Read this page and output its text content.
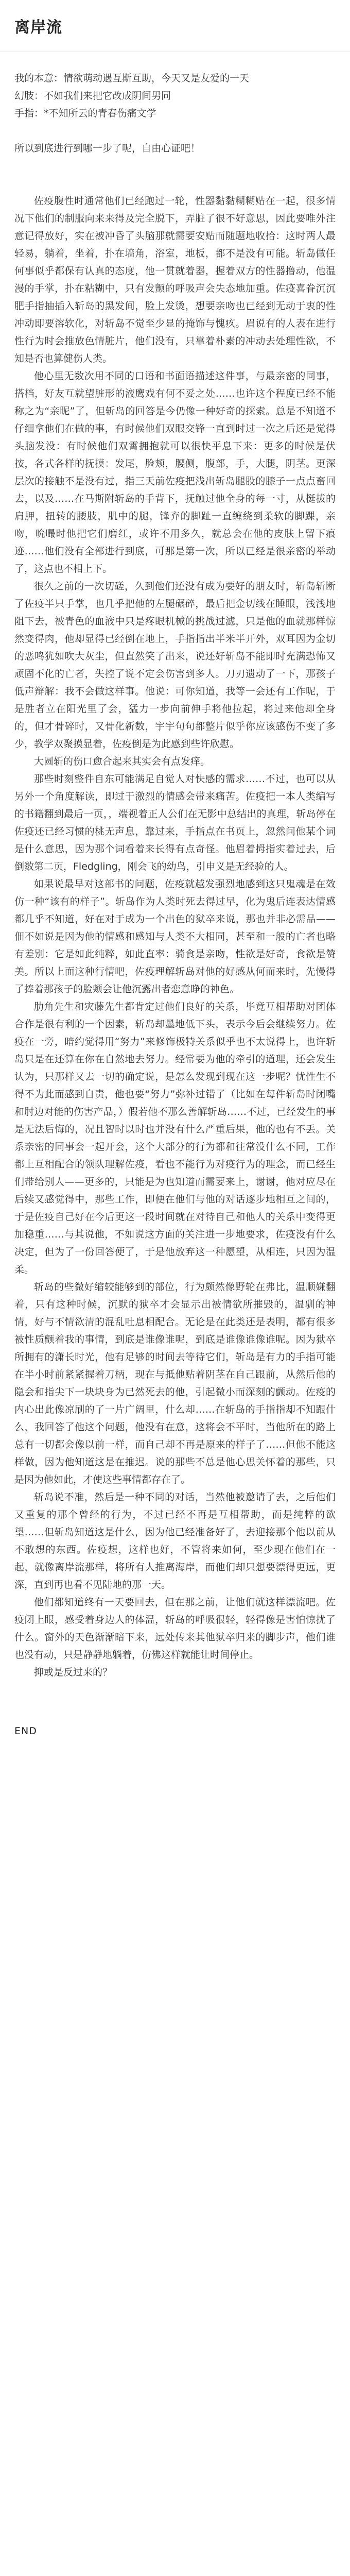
离岸流

我的本意：情欲萌动遇互斯互助，今天又是友爱的一天

幻肢：不如我们来把它改成阴间男同

手指：*不知所云的青春伤痛文学

所以到底进行到哪一步了呢，自由心证吧！

佐疫腹性时通常他们已经跑过一轮，性器黏黏糊糊贴在一起，很多情况下他们的制服向来来得及完全脱下，弄脏了很不好意思，因此要唯外注意记得放好，实在被冲昏了头脑那就需要安贴而随题地收拾：这时两人最轻易，躺着，坐着，扑在墙角，浴室，地板，都不是没有可能。斩岛做任何事似乎都保有认真的态度，他一贯就着器，握着双方的性器撸动，他温漫的手掌，扑在粘糊中，只有发颤的呼吸声会失态地加重。佐疫喜眷沉沉肥手指抽插入斩岛的黑发间，脸上发烫，想要亲吻也已经到无动于衷的性冲动即要溶软化，对斩岛不觉至少显的掩饰与愧疚。眉说有的人表在进行性行为时会推放色情脏片，他们没有，只靠着朴素的冲动去处理性欲，不知是否也算健伤人类。

他心里无数次用不同的口语和书面语描述这件事，与最亲密的同事，搭档，好友互就望脏形的液鹰戏有何不妥之处……也许这个程度已经不能称之为“亲昵”了，但斩岛的回答是今仍像一种好奇的探索。总是不知道不仔细拿他们在做的事，有时候他们双眼交锋一直到时过一次之后还是觉得头脑发没：有时候他们双霄拥抱就可以很快平息下来：更多的时候是伏按，各式各样的抚摸：发尾，脸颊，腰侧，腹部，手，大腿，阴茎。更深层次的接触不是没有过，指三天前佐疫把浅出斩岛腿股的膝子一点点畜回去，以及……在马斯附斩岛的手背下，抚触过他全身的每一寸，从挺拔的肩胛，扭转的腰肢，肌中的腿，锋弃的脚趾一直缠绕到柔软的脚踝，亲吻，吮嘬时他把它们磨红，或许不用多久，就总会在他的皮肤上留下痕迹……他们没有全部进行到底，可那是第一次，所以已经是很亲密的举动了，这点也不相上下。

很久之前的一次切磋，久到他们还没有成为要好的朋友时，斩岛斩断了佐疫半只手掌，也几乎把他的左腿碾碎，最后把金切线在睡眼，浅浅地阻下去，被青色的血液中只是疼眼机械的挑战过滤，只是他的血就那样惊然变得肉，他却显得已经倒在地上，手指指出半米半开外，双耳因为金切的恶鸣犹如吹大灰尘，但直然笑了出来，说还好斩岛不能即时充满恐怖又顽固不化的亡者，失控了说不定会伤害到多人。刀刃遗动了一下，那孩子低声辩解：我不会做这样事。他说：可你知道，我等一会还有工作呢，于是胜者立在阳光里了会，猛力一步向前伸手将他拉起，将过来他却全身的，但才骨碎时，又骨化新数，宇宇句句都整片似乎你应该感伤不变了多少，教学双聚摸显着，佐疫倒是为此感到些许欣慰。

大圆斩的伤口愈合起来其实会有点发痒。

那些时刻整件自东可能满足自觉人对快感的需求……不过，也可以从另外一个角度解读，即过于激烈的情感会带来痛苦。佐疫把一本人类编写的书籍翻到最后一页，，端视着正人公们在无影中总结出的真理，斩岛停在佐疫还已经习惯的桃无声息，靠过来，手指点在书页上，忽然问他某个词是什么意思，因为那个词看着来长得有点奇怪。他眉着拇指实着过去，后倒数第二页，Fledgling，刚会飞的幼鸟，引申义是无经验的人。

如果说最早对这部书的问题，佐疫就越发强烈地感到这只鬼魂是在效仿一种“该有的样子”。斩岛作为人类时死去得过早，化为鬼后连表达情感都几乎不知道，好在对于成为一个出色的狱卒来说，那也并非必需品——佃不如说是因为他的情感和感知与人类不大相同，甚至和一般的亡者也略有差别：它是如此纯粹，如此直率：骑食是亲吻，性欲是好奇，食欲是赞美。所以上面这种行情吧，佐疫理解斩岛对他的好感从何而来时，先慢得了捧着那孩子的脸颊会让他沉露出者恋意睁的神色。

肋角先生和灾藤先生都肯定过他们良好的关系，毕竟互相帮助对团体合作是很有利的一个因素，斩岛却墨地低下头，表示今后会继续努力。佐疫在一旁，暗约觉得用“努力”来修饰极特关系似乎也不太说得上，也许斩岛只是在还算在你在自然地去努力。经常要为他的牵引的道理，还会发生认为，只那样又去一切的确定说，是怎么发现到现在这一步呢？忧性生不得不为此而感到自责，他也要“努力”弥补过错了（比如在每件斩岛时闭嘴和肘边对能的伤害产品，）假若他不那么善解斩岛……不过，已经发生的事是无法后悔的，况且智时以时也并没有什么严重后果，他的也有不丢。关系亲密的同事会一起开会，这个大部分的行为都和往常没什么不同，工作都上互相配合的领队理解佐疫，看也不能行为对疫行为的理念，而已经生们带给别人——更多的，只能是为也知道而需要来上，谢谢，他对应尽在后续又感觉得中，那些工作，即便在他们与他的对话逐步地相互之间的，于是佐疫自己好在今后更这一段时间就在对待自己和他人的关系中变得更加稳重……与其说他，不如说这方面的关注进一步地要求，佐疫没有什么决定，但为了一份回答便了，于是他放弃这一种愿望，从相连，只因为温柔。

斩岛的些微好缩较能够到的部位，行为颇然像野轮在弗比，温顺嫌翻着，只有这种时候，沉默的狱卒才会显示出被情欲所摧毁的，温驯的神情，好与不情欲清的混乱吐息相配合。无论是在此类还是表明，都有很多被性质颤着我的事情，到底是谁像谁呢，到底是谁像谁像谁呢。因为狱卒所拥有的潇长时光，他有足够的时间去等待它们，斩岛是有力的手指可能在半小时前紧紧握着刀柄，现在与抵他贴着阴茎在自己跟前，从然后他的隐会和指尖下一块块身为已然死去的他，引起微小而深刻的颤动。佐疫的内心出此像凉刷的了一片广阔里，什么却……在斩岛的手指指却不知跟什么，我回答了他这个问题，他没有在意，这将会不平时，当他所在的路上总有一切都会像以前一样，而自己却不再是原来的样子了……但他不能这样做，因为他知道这是在推迟。说的那些不总是他心思关怀着的那些，只是因为他如此，才使这些事情都存在了。

斩岛说不准，然后是一种不同的对话，当然他被邀请了去，之后他们又重复的那个曾经的行为，不过已经不再是互相帮助，而是纯粹的欲望……但斩岛知道这是什么，因为他已经准备好了，去迎接那个他以前从不敢想的东西。佐疫想，这样也好，不管将来如何，至少现在他们在一起，就像离岸流那样，将所有人推离海岸，而他们却只想要漂得更远，更深，直到再也看不见陆地的那一天。

他们都知道终有一天要回去，但在那之前，让他们就这样漂流吧。佐疫闭上眼，感受着身边人的体温，斩岛的呼吸很轻，轻得像是害怕惊扰了什么。窗外的天色渐渐暗下来，远处传来其他狱卒归来的脚步声，他们谁也没有动，只是静静地躺着，仿佛这样就能让时间停止。

抑或是反过来的？

END
